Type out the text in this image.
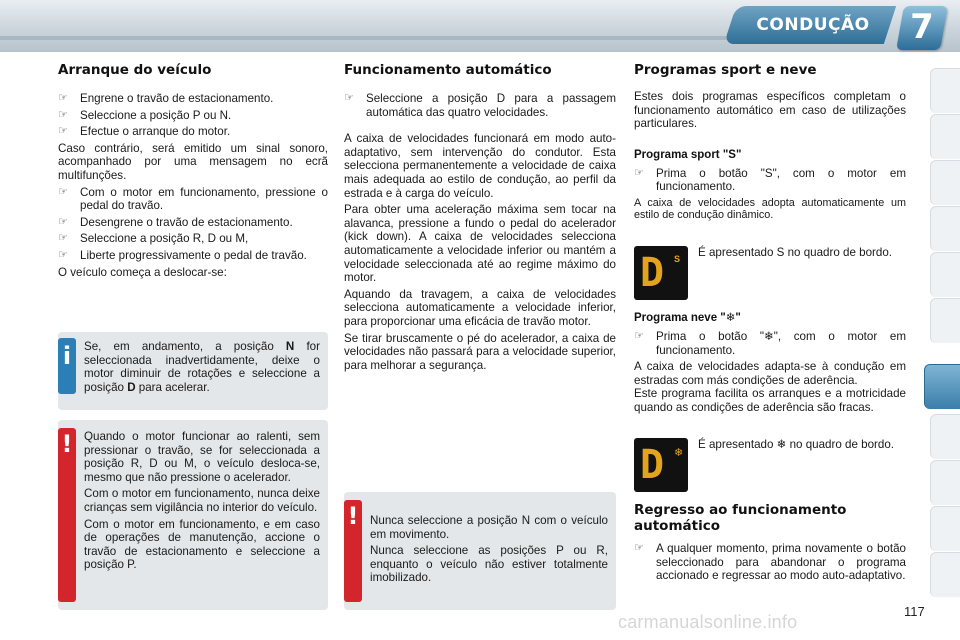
CONDUÇÃO 7
Arranque do veículo
☞ Engrene o travão de estacionamento.
☞ Seleccione a posição P ou N.
☞ Efectue o arranque do motor.

Caso contrário, será emitido um sinal sonoro, acompanhado por uma mensagem no ecrã multifunções.

☞ Com o motor em funcionamento, pressione o pedal do travão.
☞ Desengrene o travão de estacionamento.
☞ Seleccione a posição R, D ou M,
☞ Liberte progressivamente o pedal de travão.

O veículo começa a deslocar-se:

i	Se, em andamento, a posição N for seleccionada inadvertidamente, deixe o motor diminuir de rotações e seleccione a posição D para acelerar.

! Quando o motor funcionar ao ralenti, sem pressionar o travão, se for seleccionada a posição R, D ou M, o veículo desloca-se, mesmo que não pressione o acelerador.

Com o motor em funcionamento, nunca deixe crianças sem vigilância no interior do veículo.

Com o motor em funcionamento, e em caso de operações de manutenção, accione o travão de estacionamento e seleccione a posição P.

Funcionamento automático
☞ Seleccione a posição D para a passagem automática das quatro velocidades.

A caixa de velocidades funcionará em modo auto-adaptativo, sem intervenção do condutor. Esta selecciona permanentemente a velocidade de caixa mais adequada ao estilo de condução, ao perfil da estrada e à carga do veículo.

Para obter uma aceleração máxima sem tocar na alavanca, pressione a fundo o pedal do acelerador (kick down). A caixa de velocidades selecciona automaticamente a velocidade inferior ou mantém a velocidade seleccionada até ao regime máximo do motor.

Aquando da travagem, a caixa de velocidades selecciona automaticamente a velocidade inferior, para proporcionar uma eficácia de travão motor.

Se tirar bruscamente o pé do acelerador, a caixa de velocidades não passará para a velocidade superior, para melhorar a segurança.

! Nunca seleccione a posição N com o veículo em movimento.

Nunca seleccione as posições P ou R, enquanto o veículo não estiver totalmente imobilizado.

Programas sport e neve

Estes dois programas específicos completam o funcionamento automático em caso de utilizações particulares.

Programa sport "S"
☞ Prima o botão "S", com o motor em funcionamento.

A caixa de velocidades adopta automaticamente um estilo de condução dinâmico.

D S É apresentado S no quadro de bordo.

Programa neve "❄"
☞ Prima o botão "❄", com o motor em funcionamento.

A caixa de velocidades adapta-se à condução em estradas com más condições de aderência.

Este programa facilita os arranques e a motricidade quando as condições de aderência são fracas.

D ❄

É apresentado ❄ no quadro de bordo.

Regresso ao funcionamento automático
☞ A qualquer momento, prima novamente o botão seleccionado para abandonar o programa accionado e regressar ao modo auto-adaptativo.
carmanualsonline.info
117
